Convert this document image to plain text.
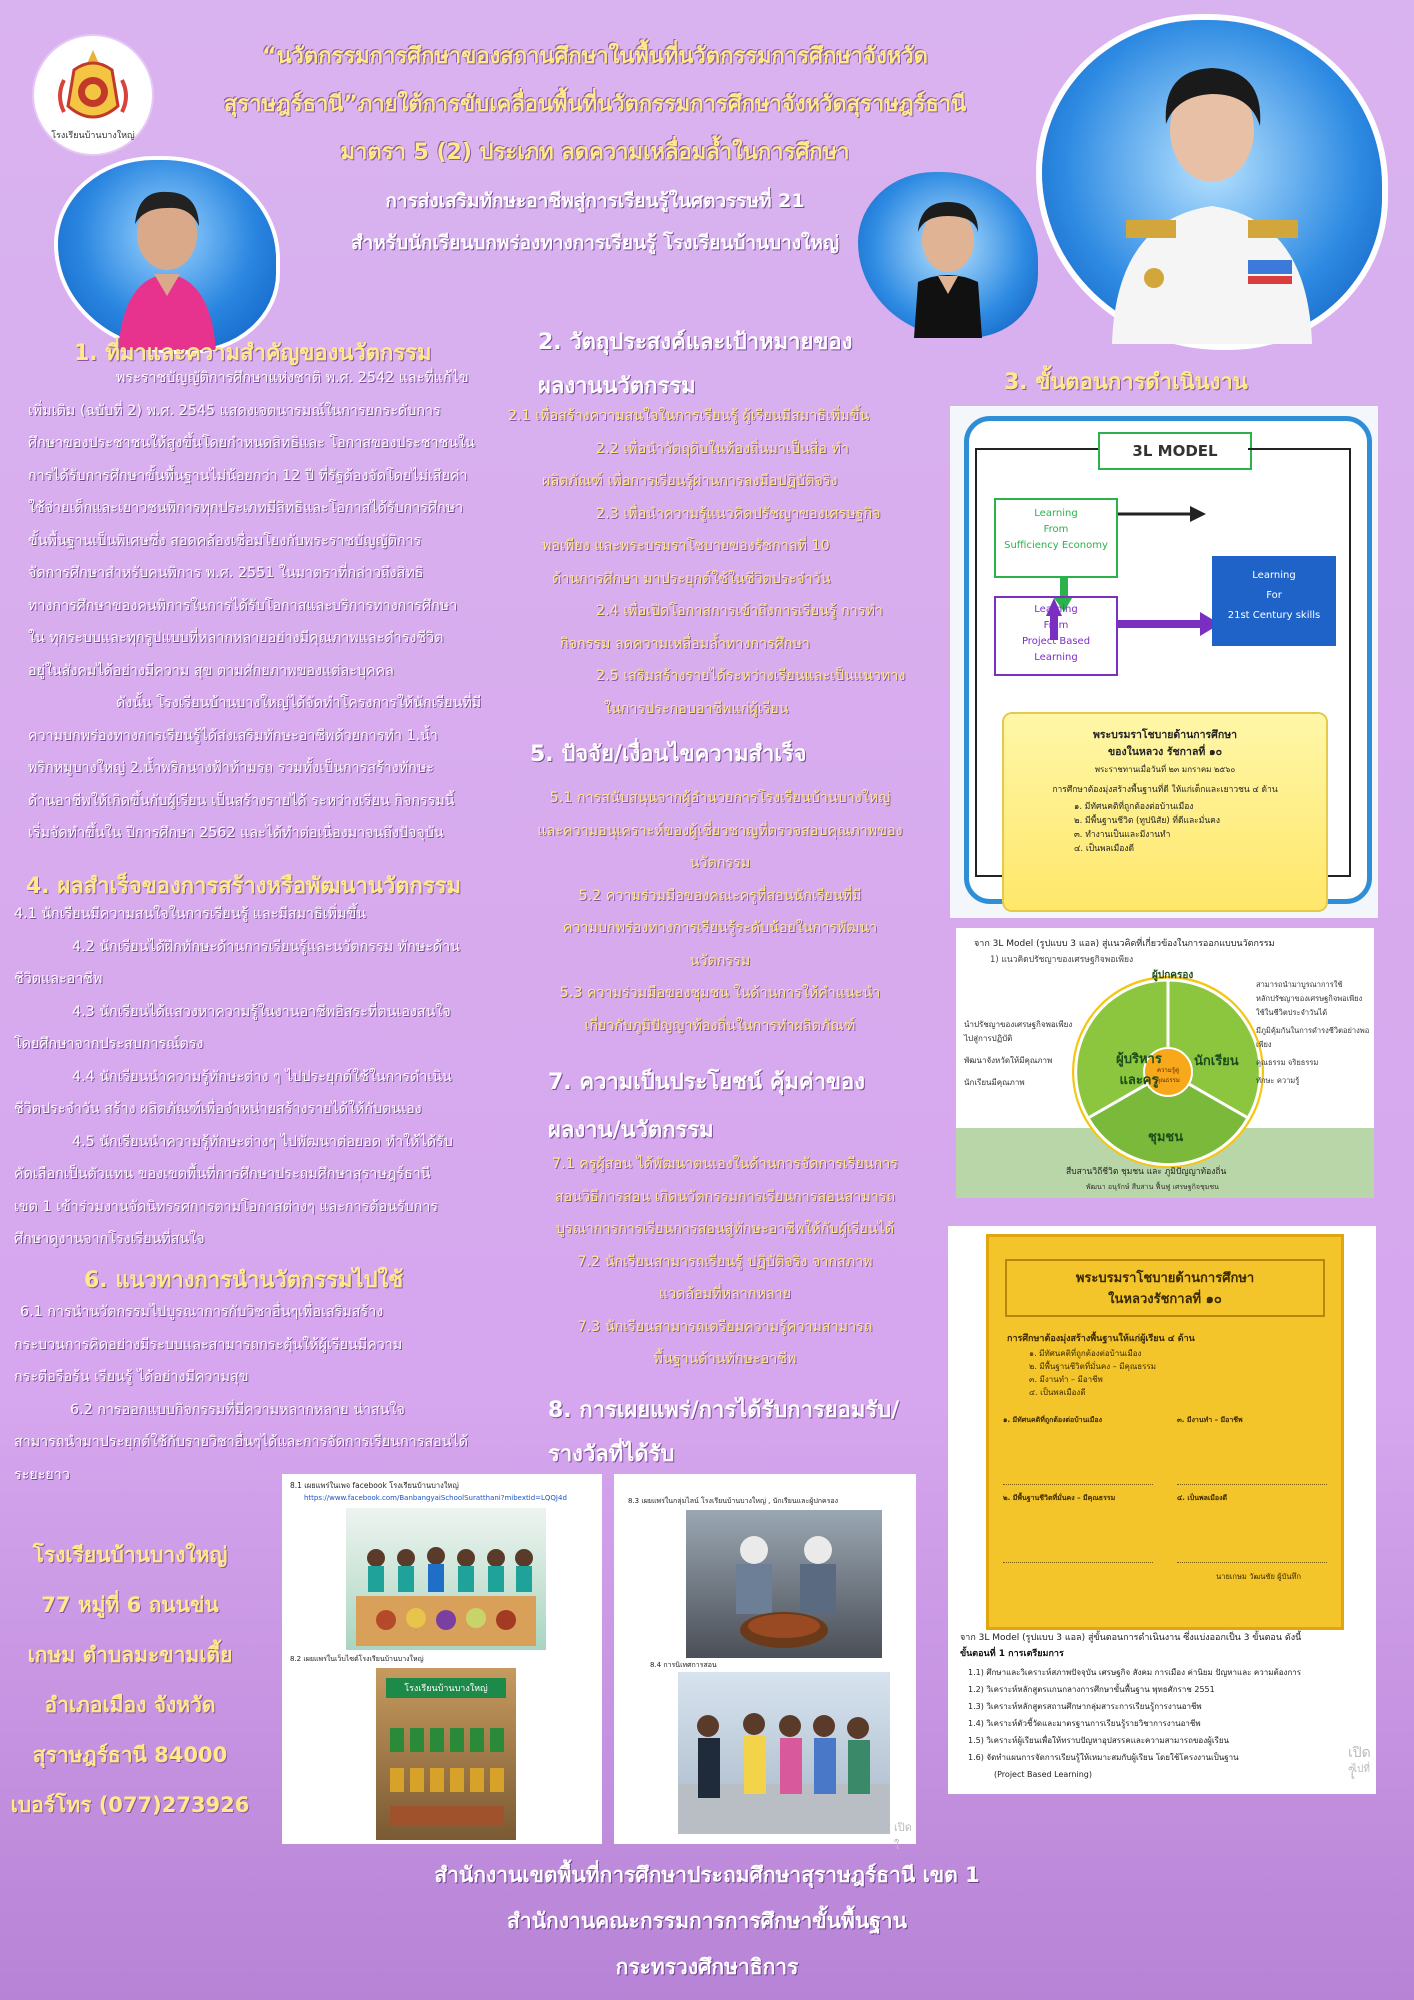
“นวัตกรรมการศึกษาของสถานศึกษาในพื้นที่นวัตกรรมการศึกษาจังหวัด
สุราษฎร์ธานี”ภายใต้การขับเคลื่อนพื้นที่นวัตกรรมการศึกษาจังหวัดสุราษฎร์ธานี
มาตรา 5 (2) ประเภท ลดความเหลื่อมล้ำในการศึกษา
การส่งเสริมทักษะอาชีพสู่การเรียนรู้ในศตวรรษที่ 21
สำหรับนักเรียนบกพร่องทางการเรียนรู้ โรงเรียนบ้านบางใหญ่
โรงเรียนบ้านบางใหญ่
1. ที่มาและความสำคัญของนวัตกรรม

พระราชบัญญัติการศึกษาแห่งชาติ พ.ศ. 2542 และที่แก้ไข

เพิ่มเติม (ฉบับที่ 2) พ.ศ. 2545 แสดงเจตนารมณ์ในการยกระดับการ

ศึกษาของประชาชนให้สูงขึ้นโดยกำหนดสิทธิและ โอกาสของประชาชนใน

การได้รับการศึกษาขั้นพื้นฐานไม่น้อยกว่า 12 ปี ที่รัฐต้องจัดโดยไม่เสียค่า

ใช้จ่ายเด็กและเยาวชนพิการทุกประเภทมีสิทธิและโอกาสได้รับการศึกษา

ขั้นพื้นฐานเป็นพิเศษซึ่ง สอดคล้องเชื่อมโยงกับพระราชบัญญัติการ

จัดการศึกษาสำหรับคนพิการ พ.ศ. 2551 ในมาตราที่กล่าวถึงสิทธิ

ทางการศึกษาของคนพิการในการได้รับโอกาสและบริการทางการศึกษา

ใน ทุกระบบและทุกรูปแบบที่หลากหลายอย่างมีคุณภาพและดำรงชีวิต

อยู่ในสังคมได้อย่างมีความ สุข ตามศักยภาพของแต่ละบุคคล

ดังนั้น โรงเรียนบ้านบางใหญ่ได้จัดทำโครงการให้นักเรียนที่มี

ความบกพร่องทางการเรียนรู้ได้ส่งเสริมทักษะอาชีพด้วยการทำ 1.น้ำ

พริกหมูบางใหญ่ 2.น้ำพริกนางฟ้าท้ามรถ รวมทั้งเป็นการสร้างทักษะ

ด้านอาชีพให้เกิดขึ้นกับผู้เรียน เป็นสร้างรายได้ ระหว่างเรียน กิจกรรมนี้

เริ่มจัดทำขึ้นใน ปีการศึกษา 2562 และได้ทำต่อเนื่องมาจนถึงปัจจุบัน

4. ผลสำเร็จของการสร้างหรือพัฒนานวัตกรรม

4.1 นักเรียนมีความสนใจในการเรียนรู้ และมีสมาธิเพิ่มขึ้น

4.2 นักเรียนได้ฝึกทักษะด้านการเรียนรู้และนวัตกรรม ทักษะด้าน

ชีวิตและอาชีพ

4.3 นักเรียนได้แสวงหาความรู้ในงานอาชีพอิสระที่ตนเองสนใจ

โดยศึกษาจากประสบการณ์ตรง

4.4 นักเรียนนำความรู้ทักษะต่าง ๆ ไปประยุกต์ใช้ในการดำเนิน

ชีวิตประจำวัน สร้าง ผลิตภัณฑ์เพื่อจำหน่ายสร้างรายได้ให้กับตนเอง

4.5 นักเรียนนำความรู้ทักษะต่างๆ ไปพัฒนาต่อยอด ทำให้ได้รับ

คัดเลือกเป็นตัวแทน ของเขตพื้นที่การศึกษาประถมศึกษาสุราษฎร์ธานี

เขต 1 เข้าร่วมงานจัดนิทรรศการตามโอกาสต่างๆ และการต้อนรับการ

ศึกษาดูงานจากโรงเรียนที่สนใจ

6. แนวทางการนำนวัตกรรมไปใช้

6.1 การนำนวัตกรรมไปบูรณาการกับวิชาอื่นๆเพื่อเสริมสร้าง

กระบวนการคิดอย่างมีระบบและสามารถกระตุ้นให้ผู้เรียนมีความ

กระตือรือร้น เรียนรู้ ได้อย่างมีความสุข

6.2 การออกแบบกิจกรรมที่มีความหลากหลาย น่าสนใจ

สามารถนำมาประยุกต์ใช้กับรายวิชาอื่นๆได้และการจัดการเรียนการสอนได้

ระยะยาว

โรงเรียนบ้านบางใหญ่
77 หมู่ที่ 6 ถนนข่น
เกษม ตำบลมะขามเตี้ย
อำเภอเมือง จังหวัด
สุราษฎร์ธานี 84000
เบอร์โทร (077)273926
2. วัตถุประสงค์และเป้าหมายของ
ผลงานนวัตกรรม

2.1 เพื่อสร้างความสนใจในการเรียนรู้ ผู้เรียนมีสมาธิเพิ่มขึ้น

2.2 เพื่อนำวัตถุดิบในท้องถิ่นมาเป็นสื่อ ทำ

ผลิตภัณฑ์ เพื่อการเรียนรู้ผ่านการลงมือปฏิบัติจริง

2.3 เพื่อนำความรู้แนวคิดปรัชญาของเศรษฐกิจ

พอเพียง และพระบรมราโชบายของรัชกาลที่ 10

ด้านการศึกษา มาประยุกต์ใช้ในชีวิตประจำวัน

2.4 เพื่อเปิดโอกาสการเข้าถึงการเรียนรู้ การทำ

กิจกรรม ลดความเหลื่อมล้ำทางการศึกษา

2.5 เสริมสร้างรายได้ระหว่างเรียนและเป็นแนวทาง

ในการประกอบอาชีพแก่ผู้เรียน

5. ปัจจัย/เงื่อนไขความสำเร็จ

5.1 การสนับสนุนจากผู้อำนวยการโรงเรียนบ้านบางใหญ่

และความอนุเคราะห์ของผู้เชี่ยวชาญที่ตรวจสอบคุณภาพของ

นวัตกรรม

5.2 ความร่วมมือของคณะครูที่สอนนักเรียนที่มี

ความบกพร่องทางการเรียนรู้ระดับน้อยในการพัฒนา

นวัตกรรม

5.3 ความร่วมมือของชุมชน ในด้านการให้คำแนะนำ

เกี่ยวกับภูมิปัญญาท้องถิ่นในการทำผลิตภัณฑ์

7. ความเป็นประโยชน์ คุ้มค่าของ
ผลงาน/นวัตกรรม

7.1 ครูผู้สอน ได้พัฒนาตนเองในด้านการจัดการเรียนการ

สอนวิธีการสอน เกิดนวัตกรรมการเรียนการสอนสามารถ

บูรณาการการเรียนการสอนสู่ทักษะอาชีพให้กับผู้เรียนได้

7.2 นักเรียนสามารถเรียนรู้ ปฏิบัติจริง จากสภาพ

แวดล้อมที่หลากหลาย

7.3 นักเรียนสามารถเตรียมความรู้ความสามารถ

พื้นฐานด้านทักษะอาชีพ

8. การเผยแพร่/การได้รับการยอมรับ/
รางวัลที่ได้รับ
3. ขั้นตอนการดำเนินงาน
3L MODEL
Learning
From
Sufficiency Economy
Learning
From
Project Based
Learning
Learning
For
21st Century skills
พระบรมราโชบายด้านการศึกษา
ของในหลวง รัชกาลที่ ๑๐
พระราชทานเมื่อวันที่ ๒๓ มกราคม ๒๕๖๐
การศึกษาต้องมุ่งสร้างพื้นฐานที่ดี ให้แก่เด็กและเยาวชน ๔ ด้าน
๑. มีทัศนคติที่ถูกต้องต่อบ้านเมือง
๒. มีพื้นฐานชีวิต (ทูปนิสัย) ที่ดีและมั่นคง
๓. ทำงานเป็นและมีงานทำ
๔. เป็นพลเมืองดี
จาก 3L Model (รูปแบบ 3 แอล) สู่แนวคิดที่เกี่ยวข้องในการออกแบบนวัตกรรม
1) แนวคิดปรัชญาของเศรษฐกิจพอเพียง
ผู้บริหาร และครู
นักเรียน
ชุมชน
ผู้ปกครอง
ความรู้คู่คุณธรรม
นำปรัชญาของเศรษฐกิจพอเพียง
ไปสู่การปฏิบัติ
พัฒนาจังหวัดให้มีคุณภาพ
นักเรียนมีคุณภาพ
สามารถนำมาบูรณาการใช้
หลักปรัชญาของเศรษฐกิจพอเพียง
ใช้ในชีวิตประจำวันได้
มีภูมิคุ้มกันในการดำรงชีวิตอย่างพอเพียง
คุณธรรม จริยธรรม
ทักษะ ความรู้
สืบสานวิถีชีวิต ชุมชน และ ภูมิปัญญาท้องถิ่น
พัฒนา อนุรักษ์ สืบสาน ฟื้นฟู เศรษฐกิจชุมชน
พระบรมราโชบายด้านการศึกษา
ในหลวงรัชกาลที่ ๑๐
การศึกษาต้องมุ่งสร้างพื้นฐานให้แก่ผู้เรียน ๔ ด้าน
๑. มีทัศนคติที่ถูกต้องต่อบ้านเมือง
๒. มีพื้นฐานชีวิตที่มั่นคง – มีคุณธรรม
๓. มีงานทำ – มีอาชีพ
๔. เป็นพลเมืองดี
๑. มีทัศนคติที่ถูกต้องต่อบ้านเมือง
๒. มีพื้นฐานชีวิตที่มั่นคง – มีคุณธรรม
๓. มีงานทำ – มีอาชีพ
๔. เป็นพลเมืองดี
นายเกษม วัฒนชัย ผู้บันทึก
จาก 3L Model (รูปแบบ 3 แอล) สู่ขั้นตอนการดำเนินงาน ซึ่งแบ่งออกเป็น 3 ขั้นตอน ดังนี้
ขั้นตอนที่ 1 การเตรียมการ
1.1) ศึกษาและวิเคราะห์สภาพปัจจุบัน เศรษฐกิจ สังคม การเมือง ค่านิยม ปัญหาและ ความต้องการ
1.2) วิเคราะห์หลักสูตรแกนกลางการศึกษาขั้นพื้นฐาน พุทธศักราช 2551
1.3) วิเคราะห์หลักสูตรสถานศึกษากลุ่มสาระการเรียนรู้การงานอาชีพ
1.4) วิเคราะห์ตัวชี้วัดและมาตรฐานการเรียนรู้รายวิชาการงานอาชีพ
1.5) วิเคราะห์ผู้เรียนเพื่อให้ทราบปัญหาอุปสรรคและความสามารถของผู้เรียน
1.6) จัดทำแผนการจัดการเรียนรู้ให้เหมาะสมกับผู้เรียน โดยใช้โครงงานเป็นฐาน
(Project Based Learning)
เปิดใ
ไปที่
8.1 เผยแพร่ในเพจ facebook โรงเรียนบ้านบางใหญ่
https://www.facebook.com/BanbangyaiSchoolSuratthani?mibextid=LQQJ4d
8.2 เผยแพร่ในเว็บไซต์โรงเรียนบ้านบางใหญ่
โรงเรียนบ้านบางใหญ่
8.3 เผยแพร่ในกลุ่มไลน์ โรงเรียนบ้านบางใหญ่ , นักเรียนและผู้ปกครอง
8.4 การนิเทศการสอน
เปิดใ
สำนักงานเขตพื้นที่การศึกษาประถมศึกษาสุราษฎร์ธานี เขต 1
สำนักงานคณะกรรมการการศึกษาขั้นพื้นฐาน
กระทรวงศึกษาธิการ
